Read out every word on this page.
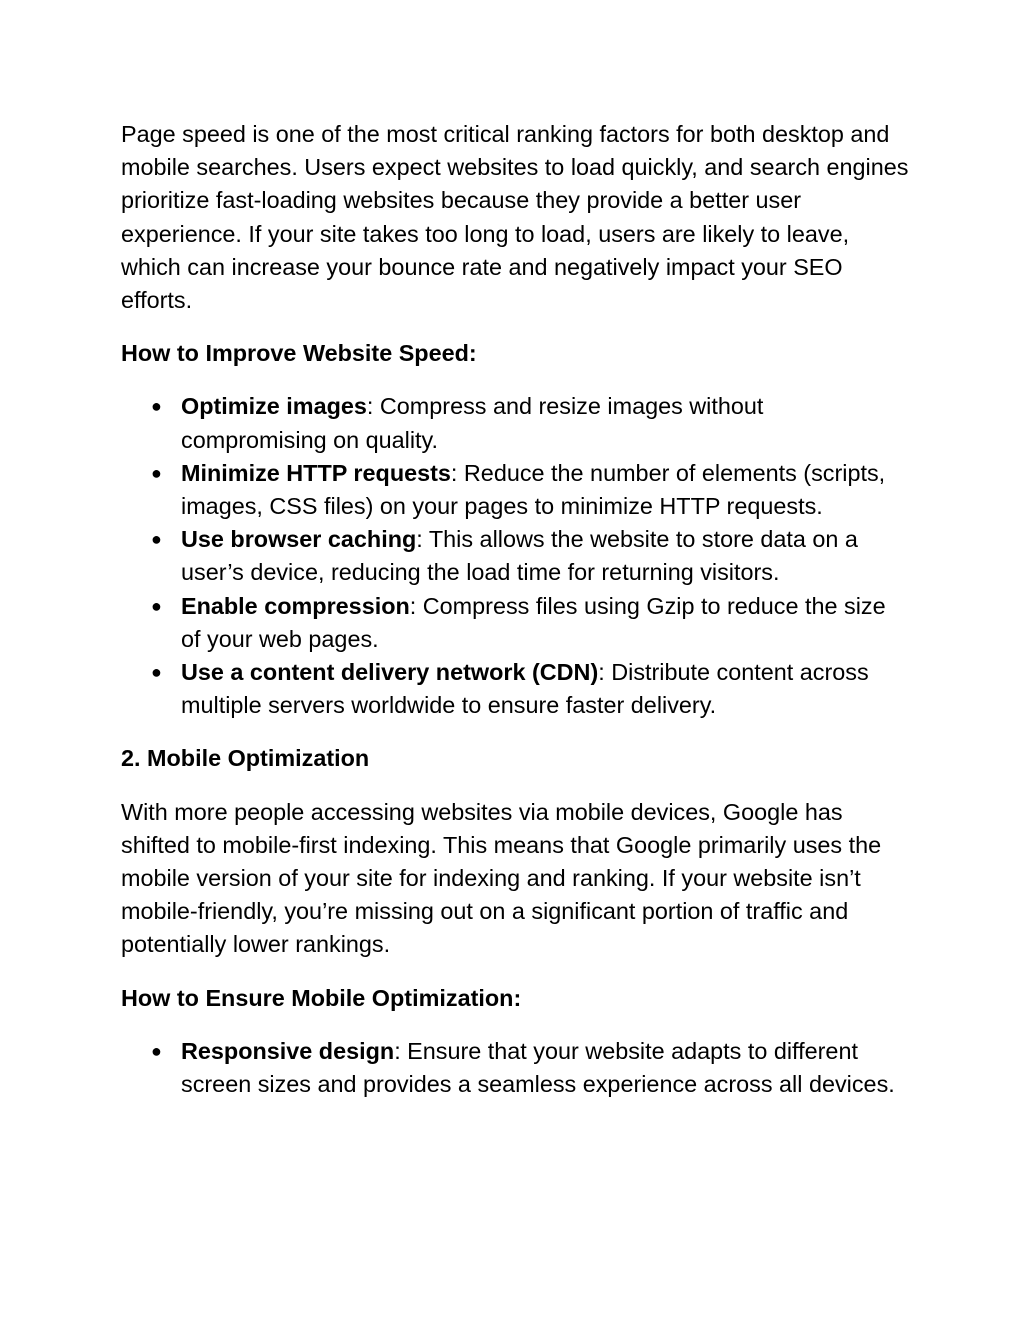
Page speed is one of the most critical ranking factors for both desktop and mobile searches. Users expect websites to load quickly, and search engines prioritize fast-loading websites because they provide a better user experience. If your site takes too long to load, users are likely to leave, which can increase your bounce rate and negatively impact your SEO efforts.

How to Improve Website Speed:

● Optimize images: Compress and resize images without compromising on quality.
● Minimize HTTP requests: Reduce the number of elements (scripts, images, CSS files) on your pages to minimize HTTP requests.
● Use browser caching: This allows the website to store data on a user’s device, reducing the load time for returning visitors.
● Enable compression: Compress files using Gzip to reduce the size of your web pages.
● Use a content delivery network (CDN): Distribute content across multiple servers worldwide to ensure faster delivery.

2. Mobile Optimization

With more people accessing websites via mobile devices, Google has shifted to mobile-first indexing. This means that Google primarily uses the mobile version of your site for indexing and ranking. If your website isn’t mobile-friendly, you’re missing out on a significant portion of traffic and potentially lower rankings.

How to Ensure Mobile Optimization:

● Responsive design: Ensure that your website adapts to different screen sizes and provides a seamless experience across all devices.
